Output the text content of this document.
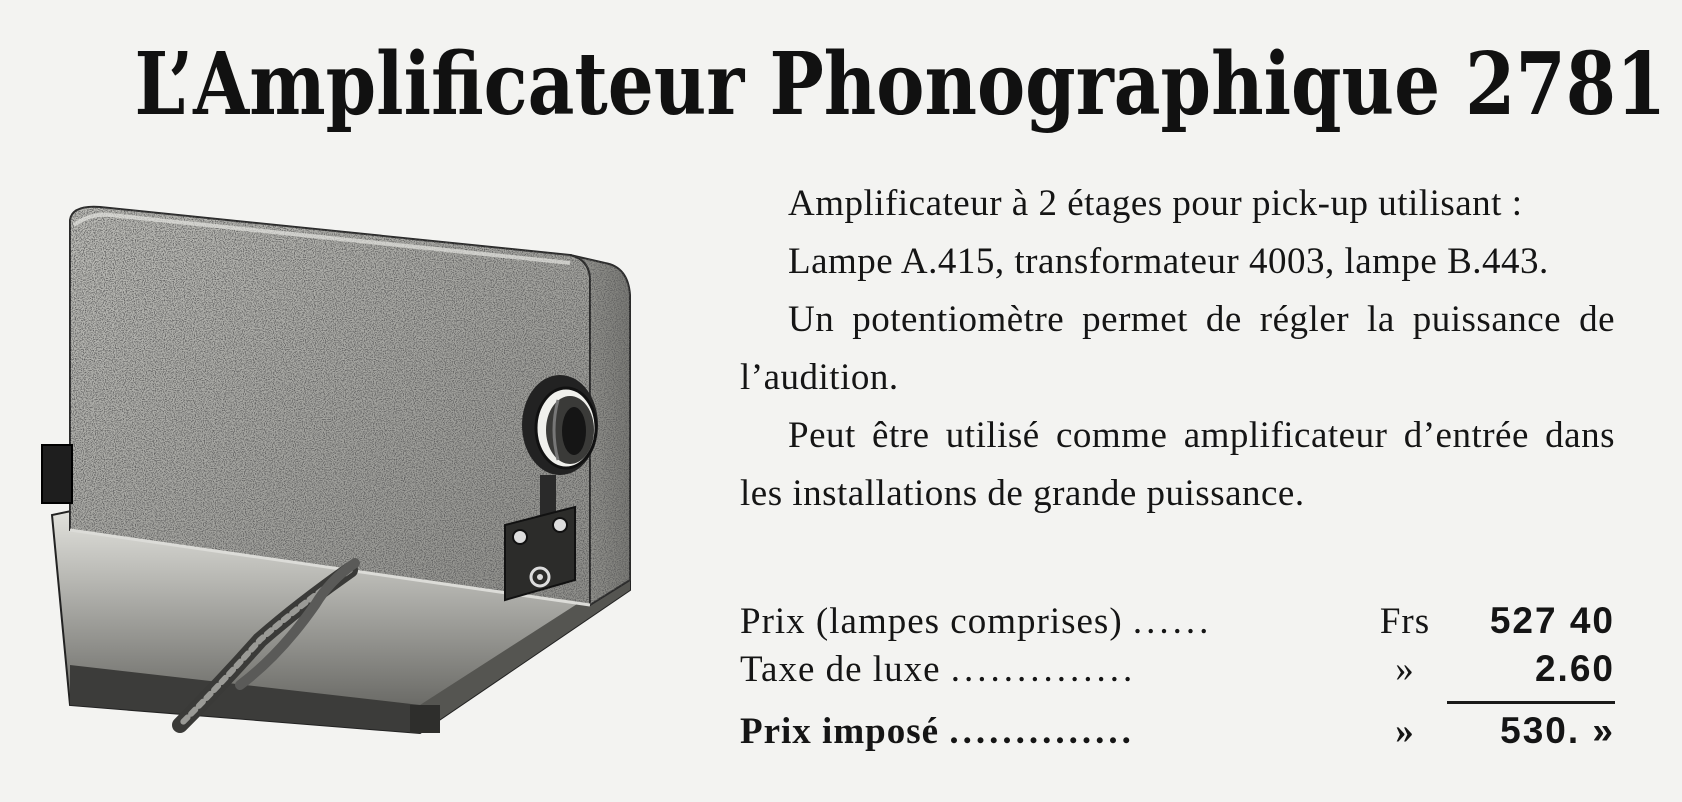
L’Amplificateur Phonographique 2781

Amplificateur à 2 étages pour pick-up utilisant :

Lampe A.415, transformateur 4003, lampe B.443.

Un potentiomètre permet de régler la puissance de l’audition.

Peut être utilisé comme amplificateur d’entrée dans les installations de grande puissance.

Prix (lampes comprises) ......	Frs	527 40
Taxe de luxe ..............	»	2.60
Prix imposé ..............	»	530. »
